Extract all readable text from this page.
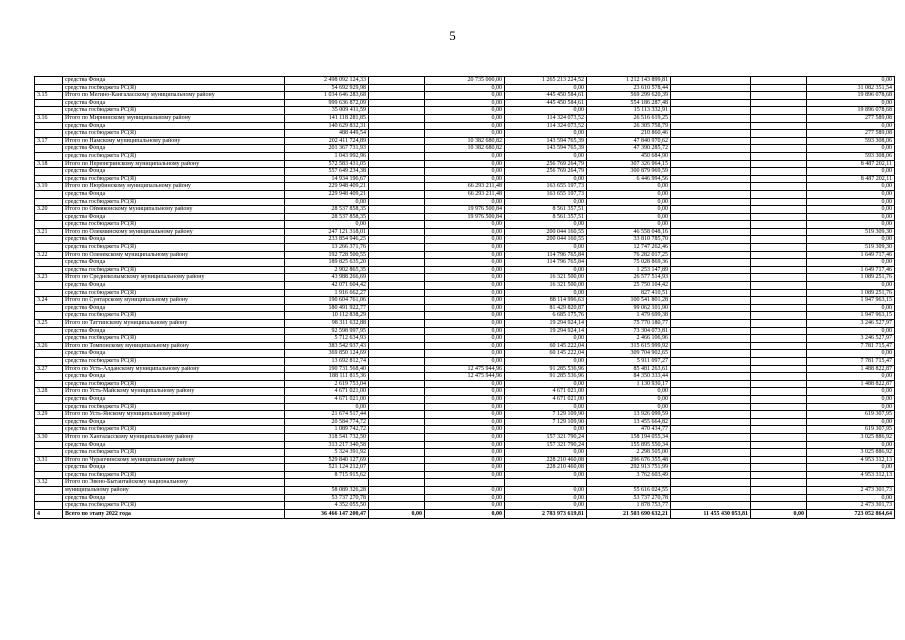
5
	средства Фонда	2 498 092 124,33		20 735 000,00	1 265 213 224,52	1 212 143 899,81			0,00
	средства госбюджета РС(Я)	54 692 929,98		0,00	0,00	23 610 578,44			31 082 351,54
3.15	Итого по Мегино-Кангаласскому муниципальному району	1 034 646 283,68		0,00	445 450 584,61	569 299 620,39			19 896 078,68
	средства Фонда	999 636 872,09		0,00	445 450 584,61	554 186 287,48			0,00
	средства госбюджета РС(Я)	35 009 411,59		0,00	0,00	15 113 332,91			19 896 078,68
3.16	Итого по Мирнинскому муниципальному району	141 118 281,85		0,00	114 324 073,52	26 516 619,25			277 589,08
	средства Фонда	140 629 832,31		0,00	114 324 073,52	26 305 758,79			0,00
	средства госбюджета РС(Я)	488 449,54		0,00	0,00	210 860,46			277 589,08
3.17	Итого по Намскому муниципальному району	202 411 724,89		10 382 680,82	143 594 765,39	47 840 970,62			593 308,06
	средства Фонда	201 367 731,93		10 382 680,82	143 594 765,39	47 390 285,72			0,00
	средства госбюджета РС(Я)	1 043 992,96		0,00	0,00	450 684,90			593 308,06
3.18	Итого по Нерюнгринскому муниципальному району	572 583 431,05		0,00	256 769 264,79	307 326 964,15			8 487 202,11
	средства Фонда	557 649 234,38		0,00	256 769 264,79	300 879 969,59			0,00
	средства госбюджета РС(Я)	14 934 196,67		0,00	0,00	6 446 994,56			8 487 202,11
3.19	Итого по Нюрбинскому муниципальному району	229 948 409,21		66 293 211,48	163 655 197,73	0,00			0,00
	средства Фонда	229 948 409,21		66 293 211,48	163 655 197,73	0,00			0,00
	средства госбюджета РС(Я)	0,00		0,00	0,00	0,00			0,00
3.20	Итого по Оймяконскому муниципальному району	28 537 858,35		19 976 500,84	8 561 357,51	0,00			0,00
	средства Фонда	28 537 858,35		19 976 500,84	8 561 357,51	0,00			0,00
	средства госбюджета РС(Я)	0,00		0,00	0,00	0,00			0,00
3.21	Итого по Олекминскому муниципальному району	247 121 318,01		0,00	200 044 160,55	46 558 048,16			519 309,30
	средства Фонда	233 854 946,25		0,00	200 044 160,55	33 810 785,70			0,00
	средства госбюджета РС(Я)	13 266 371,76		0,00	0,00	12 747 262,46			519 309,30
3.22	Итого по Оленекскому муниципальному району	192 728 500,55		0,00	114 796 765,84	76 282 017,25			1 649 717,46
	средства Фонда	189 825 635,20		0,00	114 796 765,84	75 028 869,36			0,00
	средства госбюджета РС(Я)	2 902 865,35		0,00	0,00	1 253 147,89			1 649 717,46
3.23	Итого по Среднеколымскому муниципальному району	43 988 266,69		0,00	16 321 500,00	26 577 514,93			1 089 251,76
	средства Фонда	42 071 604,42		0,00	16 321 500,00	25 750 104,42			0,00
	средства госбюджета РС(Я)	1 916 662,27		0,00	0,00	827 410,51			1 089 251,76
3.24	Итого по Сунтарскому муниципальному району	190 604 761,06		0,00	88 114 996,63	100 541 801,28			1 947 963,15
	средства Фонда	180 491 922,77		0,00	81 429 820,87	99 062 101,90			0,00
	средства госбюджета РС(Я)	10 112 838,29		0,00	6 685 175,76	1 479 699,38			1 947 963,15
3.25	Итого по Таттинскому муниципальному району	98 311 632,88		0,00	19 294 924,14	75 770 180,77			3 246 527,97
	средства Фонда	92 598 997,95		0,00	19 294 924,14	73 304 073,81			0,00
	средства госбюджета РС(Я)	5 712 634,93		0,00	0,00	2 466 106,96			3 246 527,97
3.26	Итого по Томпонскому муниципальному району	383 542 937,43		0,00	60 145 222,04	315 615 999,92			7 781 715,47
	средства Фонда	369 850 124,69		0,00	60 145 222,04	309 704 902,65			0,00
	средства госбюджета РС(Я)	13 692 812,74		0,00	0,00	5 911 097,27			7 781 715,47
3.27	Итого по Усть-Алданскому муниципальному району	190 731 568,40		12 475 944,96	91 285 536,96	85 481 263,61			1 488 822,87
	средства Фонда	188 111 815,36		12 475 944,96	91 285 536,96	84 350 333,44			0,00
	средства госбюджета РС(Я)	2 619 753,04		0,00	0,00	1 130 930,17			1 488 822,87
3.28	Итого по Усть-Майскому муниципальному району	4 671 021,00		0,00	4 671 021,00	0,00			0,00
	средства Фонда	4 671 021,00		0,00	4 671 021,00	0,00			0,00
	средства госбюджета РС(Я)	0,00		0,00	0,00	0,00			0,00
3.29	Итого по Усть-Янскому муниципальному району	21 674 517,44		0,00	7 129 109,90	13 926 099,59			619 307,95
	средства Фонда	20 584 774,72		0,00	7 129 109,90	13 455 664,82			0,00
	средства госбюджета РС(Я)	1 089 742,72		0,00	0,00	470 434,77			619 307,95
3.30	Итого по Хангаласскому муниципальному району	318 541 732,50		0,00	157 321 790,24	158 194 055,34			3 025 886,92
	средства Фонда	313 217 340,58		0,00	157 321 790,24	155 895 550,34			0,00
	средства госбюджета РС(Я)	5 324 391,92		0,00	0,00	2 298 505,00			3 025 886,92
3.31	Итого по Чурапчинскому муниципальному району	529 840 127,69		0,00	228 210 460,08	296 676 355,48			4 953 312,13
	средства Фонда	521 124 212,07		0,00	228 210 460,08	292 913 751,99			0,00
	средства госбюджета РС(Я)	8 715 915,62		0,00	0,00	3 762 603,49			4 953 312,13
3.32	Итого по Эвено-Бытантайскому национальному								
	муниципальному району	58 089 326,28		0,00	0,00	55 616 024,55			2 473 301,73
	средства Фонда	53 737 270,78		0,00	0,00	53 737 270,78			0,00
	средства госбюджета РС(Я)	4 352 055,50		0,00	0,00	1 878 753,77			2 473 301,73
4	Всего по этапу 2022 года	36 466 147 200,47	0,00	0,00	2 783 973 619,81	21 503 690 632,21	11 455 430 053,81	0,00	723 052 864,64
